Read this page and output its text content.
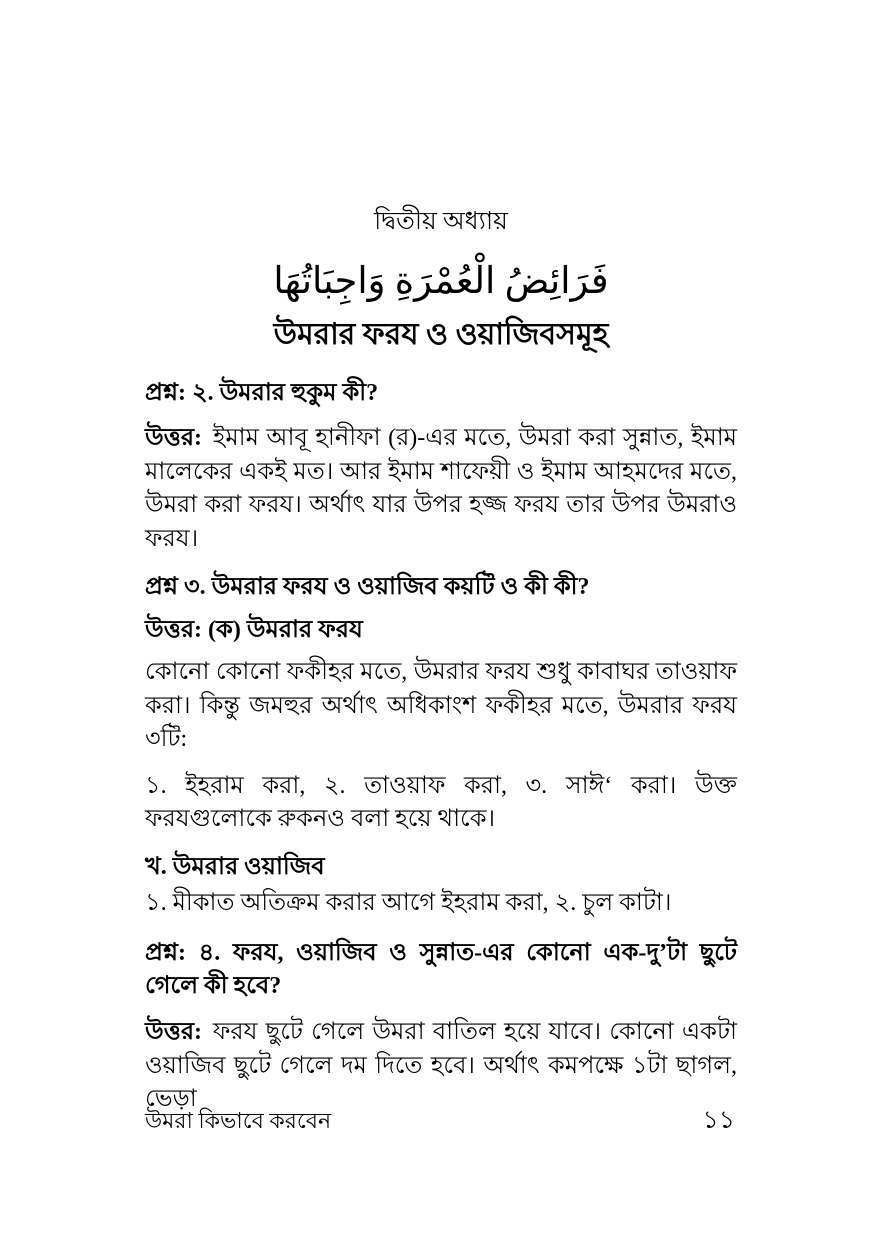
দ্বিতীয় অধ্যায়
فَرَائِضُ الْعُمْرَةِ وَاجِبَاتُهَا
উমরার ফরয ও ওয়াজিবসমূহ
প্রশ্ন: ২. উমরার হুকুম কী?

উত্তর: ইমাম আবূ হানীফা (র)-এর মতে, উমরা করা সুন্নাত, ইমাম মালেকের একই মত। আর ইমাম শাফেয়ী ও ইমাম আহমদের মতে, উমরা করা ফরয। অর্থাৎ যার উপর হজ্জ ফরয তার উপর উমরাও ফরয।

প্রশ্ন ৩. উমরার ফরয ও ওয়াজিব কয়টি ও কী কী?
উত্তর: (ক) উমরার ফরয

কোনো কোনো ফকীহর মতে, উমরার ফরয শুধু কাবাঘর তাওয়াফ করা। কিন্তু জমহুর অর্থাৎ অধিকাংশ ফকীহর মতে, উমরার ফরয ৩টি:

১. ইহরাম করা, ২. তাওয়াফ করা, ৩. সাঈ‘ করা। উক্ত ফরযগুলোকে রুকনও বলা হয়ে থাকে।

খ. উমরার ওয়াজিব

১. মীকাত অতিক্রম করার আগে ইহরাম করা, ২. চুল কাটা।

প্রশ্ন: ৪. ফরয, ওয়াজিব ও সুন্নাত-এর কোনো এক-দু’টা ছুটে গেলে কী হবে?

উত্তর: ফরয ছুটে গেলে উমরা বাতিল হয়ে যাবে। কোনো একটা ওয়াজিব ছুটে গেলে দম দিতে হবে। অর্থাৎ কমপক্ষে ১টা ছাগল, ভেড়া

উমরা কিভাবে করবেন	১১
